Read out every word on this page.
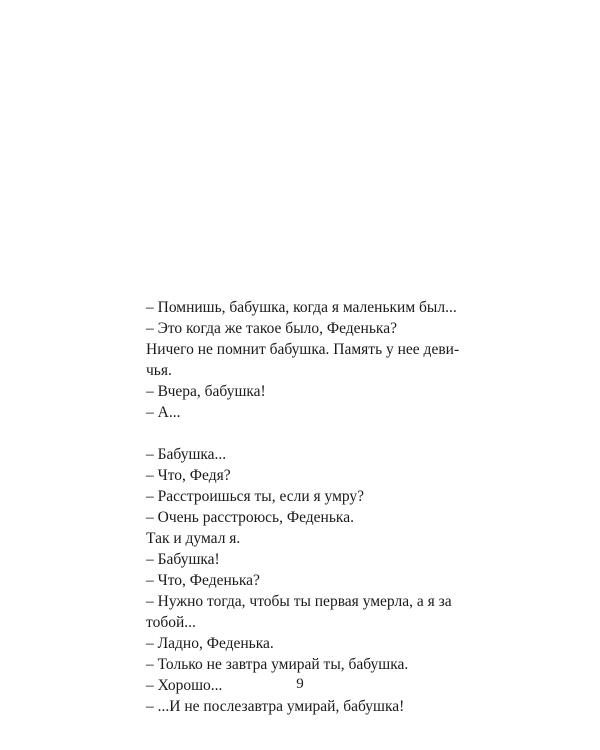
– Помнишь, бабушка, когда я маленьким был...
– Это когда же такое было, Феденька?
Ничего не помнит бабушка. Память у нее деви-
чья.
– Вчера, бабушка!
– А...
– Бабушка...
– Что, Федя?
– Расстроишься ты, если я умру?
– Очень расстроюсь, Феденька.
Так и думал я.
– Бабушка!
– Что, Феденька?
– Нужно тогда, чтобы ты первая умерла, а я за
тобой...
– Ладно, Феденька.
– Только не завтра умирай ты, бабушка.
– Хорошо...
– ...И не послезавтра умирай, бабушка!
9
